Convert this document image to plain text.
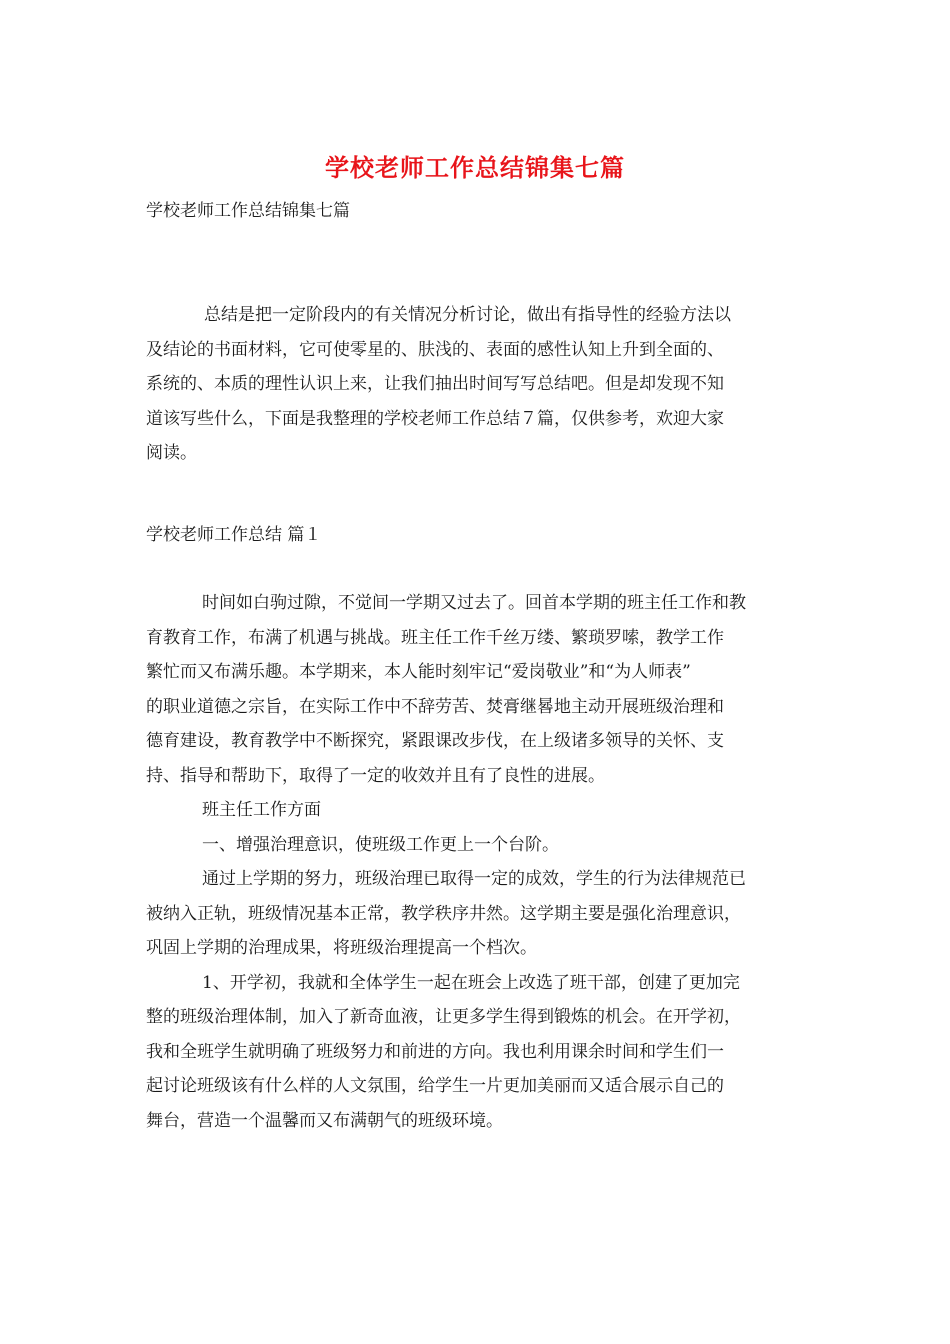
学校老师工作总结锦集七篇
学校老师工作总结锦集七篇
总结是把一定阶段内的有关情况分析讨论，做出有指导性的经验方法以
及结论的书面材料，它可使零星的、肤浅的、表面的感性认知上升到全面的、
系统的、本质的理性认识上来，让我们抽出时间写写总结吧。但是却发现不知
道该写些什么，下面是我整理的学校老师工作总结７篇，仅供参考，欢迎大家
阅读。
学校老师工作总结 篇１
时间如白驹过隙，不觉间一学期又过去了。回首本学期的班主任工作和教
育教育工作，布满了机遇与挑战。班主任工作千丝万缕、繁琐罗嗦，教学工作
繁忙而又布满乐趣。本学期来，本人能时刻牢记“爱岗敬业”和“为人师表”
的职业道德之宗旨，在实际工作中不辞劳苦、焚膏继晷地主动开展班级治理和
德育建设，教育教学中不断探究，紧跟课改步伐，在上级诸多领导的关怀、支
持、指导和帮助下，取得了一定的收效并且有了良性的进展。
班主任工作方面
一、增强治理意识，使班级工作更上一个台阶。
通过上学期的努力，班级治理已取得一定的成效，学生的行为法律规范已
被纳入正轨，班级情况基本正常，教学秩序井然。这学期主要是强化治理意识，
巩固上学期的治理成果，将班级治理提高一个档次。
1、开学初，我就和全体学生一起在班会上改选了班干部，创建了更加完
整的班级治理体制，加入了新奇血液，让更多学生得到锻炼的机会。在开学初，
我和全班学生就明确了班级努力和前进的方向。我也利用课余时间和学生们一
起讨论班级该有什么样的人文氛围，给学生一片更加美丽而又适合展示自己的
舞台，营造一个温馨而又布满朝气的班级环境。
